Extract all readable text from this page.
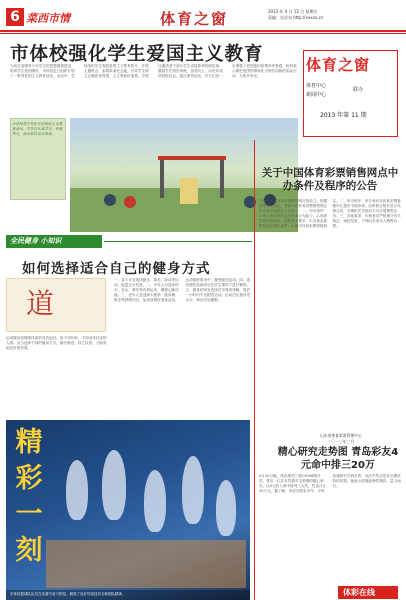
6 菜西市情	体育之窗	2013 年 4 月 12 日 星期五
责编：吴京东 http://xxxxx.cn
市体校强化学生爱国主义教育
为切实加强青少年学生的思想道德建设，培养学生爱国情怀，市体校近日组织开展了一系列爱国主义教育活动。活动中，学校组织学生观看爱国主义教育影片，开展主题班会，参观革命纪念地，引导学生树立正确的世界观、人生观和价值观。学校还邀请老干部为学生讲述革命传统故事，激励学生刻苦训练、奋发向上，以优异成绩回报社会。通过系列活动，学生们进一步增强了爱国意识和集体荣誉感，纷纷表示要把爱国热情转化为刻苦训练的实际行动，为家乡争光。
体育之窗
体育中心
新闻中心
联办
2013 年第 11 期
市体校青少年在开展爱国主义教育活动，学生们认真学习，积极参与，活动取得良好效果。
关于中国体育彩票销售网点中办条件及程序的公告
为规范中国体育彩票销售网点的设立，根据国家有关规定，现将中国体育彩票销售网点申办条件及程序公告如下：一、申办条件：1.申办者应具有完全民事行为能力；2.有固定的经营场所，面积符合要求；3.具备必要的资金及通讯条件；4.遵守体育彩票管理规定。二、申办程序：申办者向市体育彩票管理中心提出书面申请，经审核合格后签订代销合同，办理相关手续后方可开展销售业务。三、其他事项：代销者应严格遵守有关规定，诚信经营，不得向未成年人销售彩票。
山东省体育彩票管理中心
二〇一三年三月
精心研究走势图 青岛彩友4元命中排三20万
4月10日晚，体彩排列三第13096期开奖，青岛一位彩友凭借对走势图的精心研究，以4元投入命中排列三大奖，奖金共计20万元。据了解，该彩友购彩多年，平时喜欢研究号码走势，此次中奖正是其长期坚持的结果。他表示将继续理性购彩，量力而行。
体彩在线
全民健身 小知识
如何选择适合自己的健身方式
道
运动健身是增强体质的有效途径。但不同年龄、不同身体状况的人群，应当选择不同的健身方式，循序渐进，持之以恒，才能收到良好的效果。
一、青少年宜选择跑步、球类、游泳等运动，促进生长发育。二、中年人可选择快走、登山、骑车等有氧运动，增强心肺功能。三、老年人宜选择太极拳、健身操、散步等舒缓项目，运动前做好准备活动，运动强度要适中，避免剧烈运动。四、患有慢性疾病者应在医生指导下进行锻炼。五、健身时间宜选择在早晨或傍晚，饭后一小时内不宜剧烈运动，运动后注意补充水分，保证充足睡眠。
精彩一刻
市体校篮球队队员在比赛中奋力拼抢，展现了良好的竞技状态和团队精神。
